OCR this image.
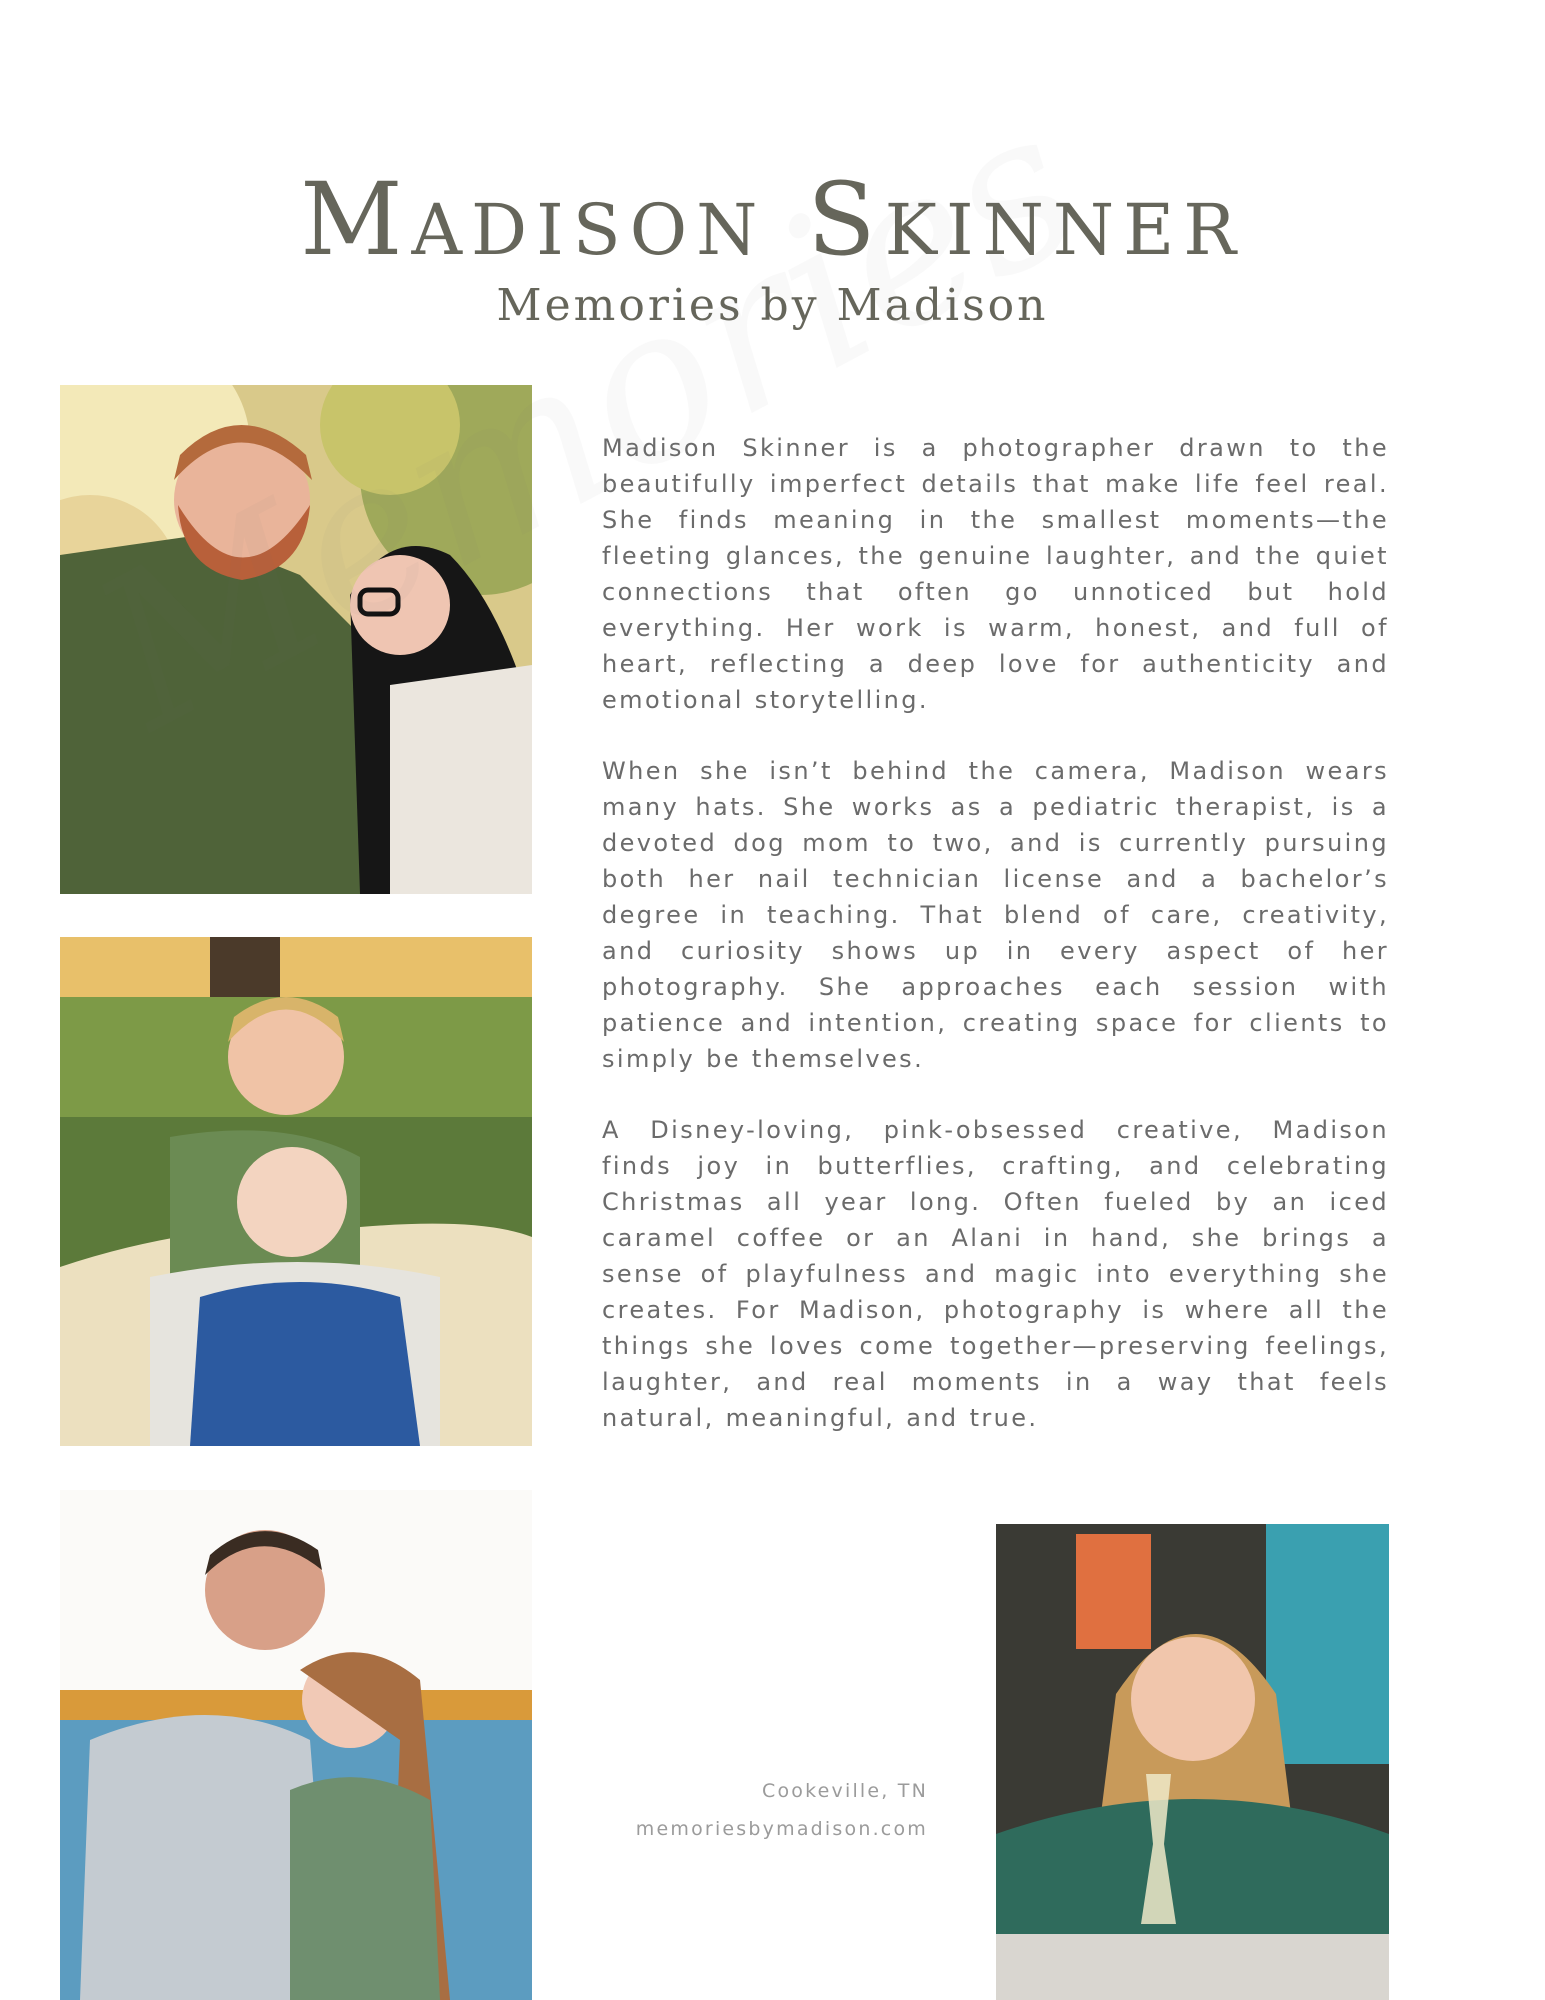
Madison Skinner
Memories by Madison

Madison Skinner is a photographer drawn to the beautifully imperfect details that make life feel real. She finds meaning in the smallest moments—the fleeting glances, the genuine laughter, and the quiet connections that often go unnoticed but hold everything. Her work is warm, honest, and full of heart, reflecting a deep love for authenticity and emotional storytelling.

When she isn’t behind the camera, Madison wears many hats. She works as a pediatric therapist, is a devoted dog mom to two, and is currently pursuing both her nail technician license and a bachelor’s degree in teaching. That blend of care, creativity, and curiosity shows up in every aspect of her photography. She approaches each session with patience and intention, creating space for clients to simply be themselves.

A Disney-loving, pink-obsessed creative, Madison finds joy in butterflies, crafting, and celebrating Christmas all year long. Often fueled by an iced caramel coffee or an Alani in hand, she brings a sense of playfulness and magic into everything she creates. For Madison, photography is where all the things she loves come together—preserving feelings, laughter, and real moments in a way that feels natural, meaningful, and true.

Cookeville, TN
memoriesbymadison.com
